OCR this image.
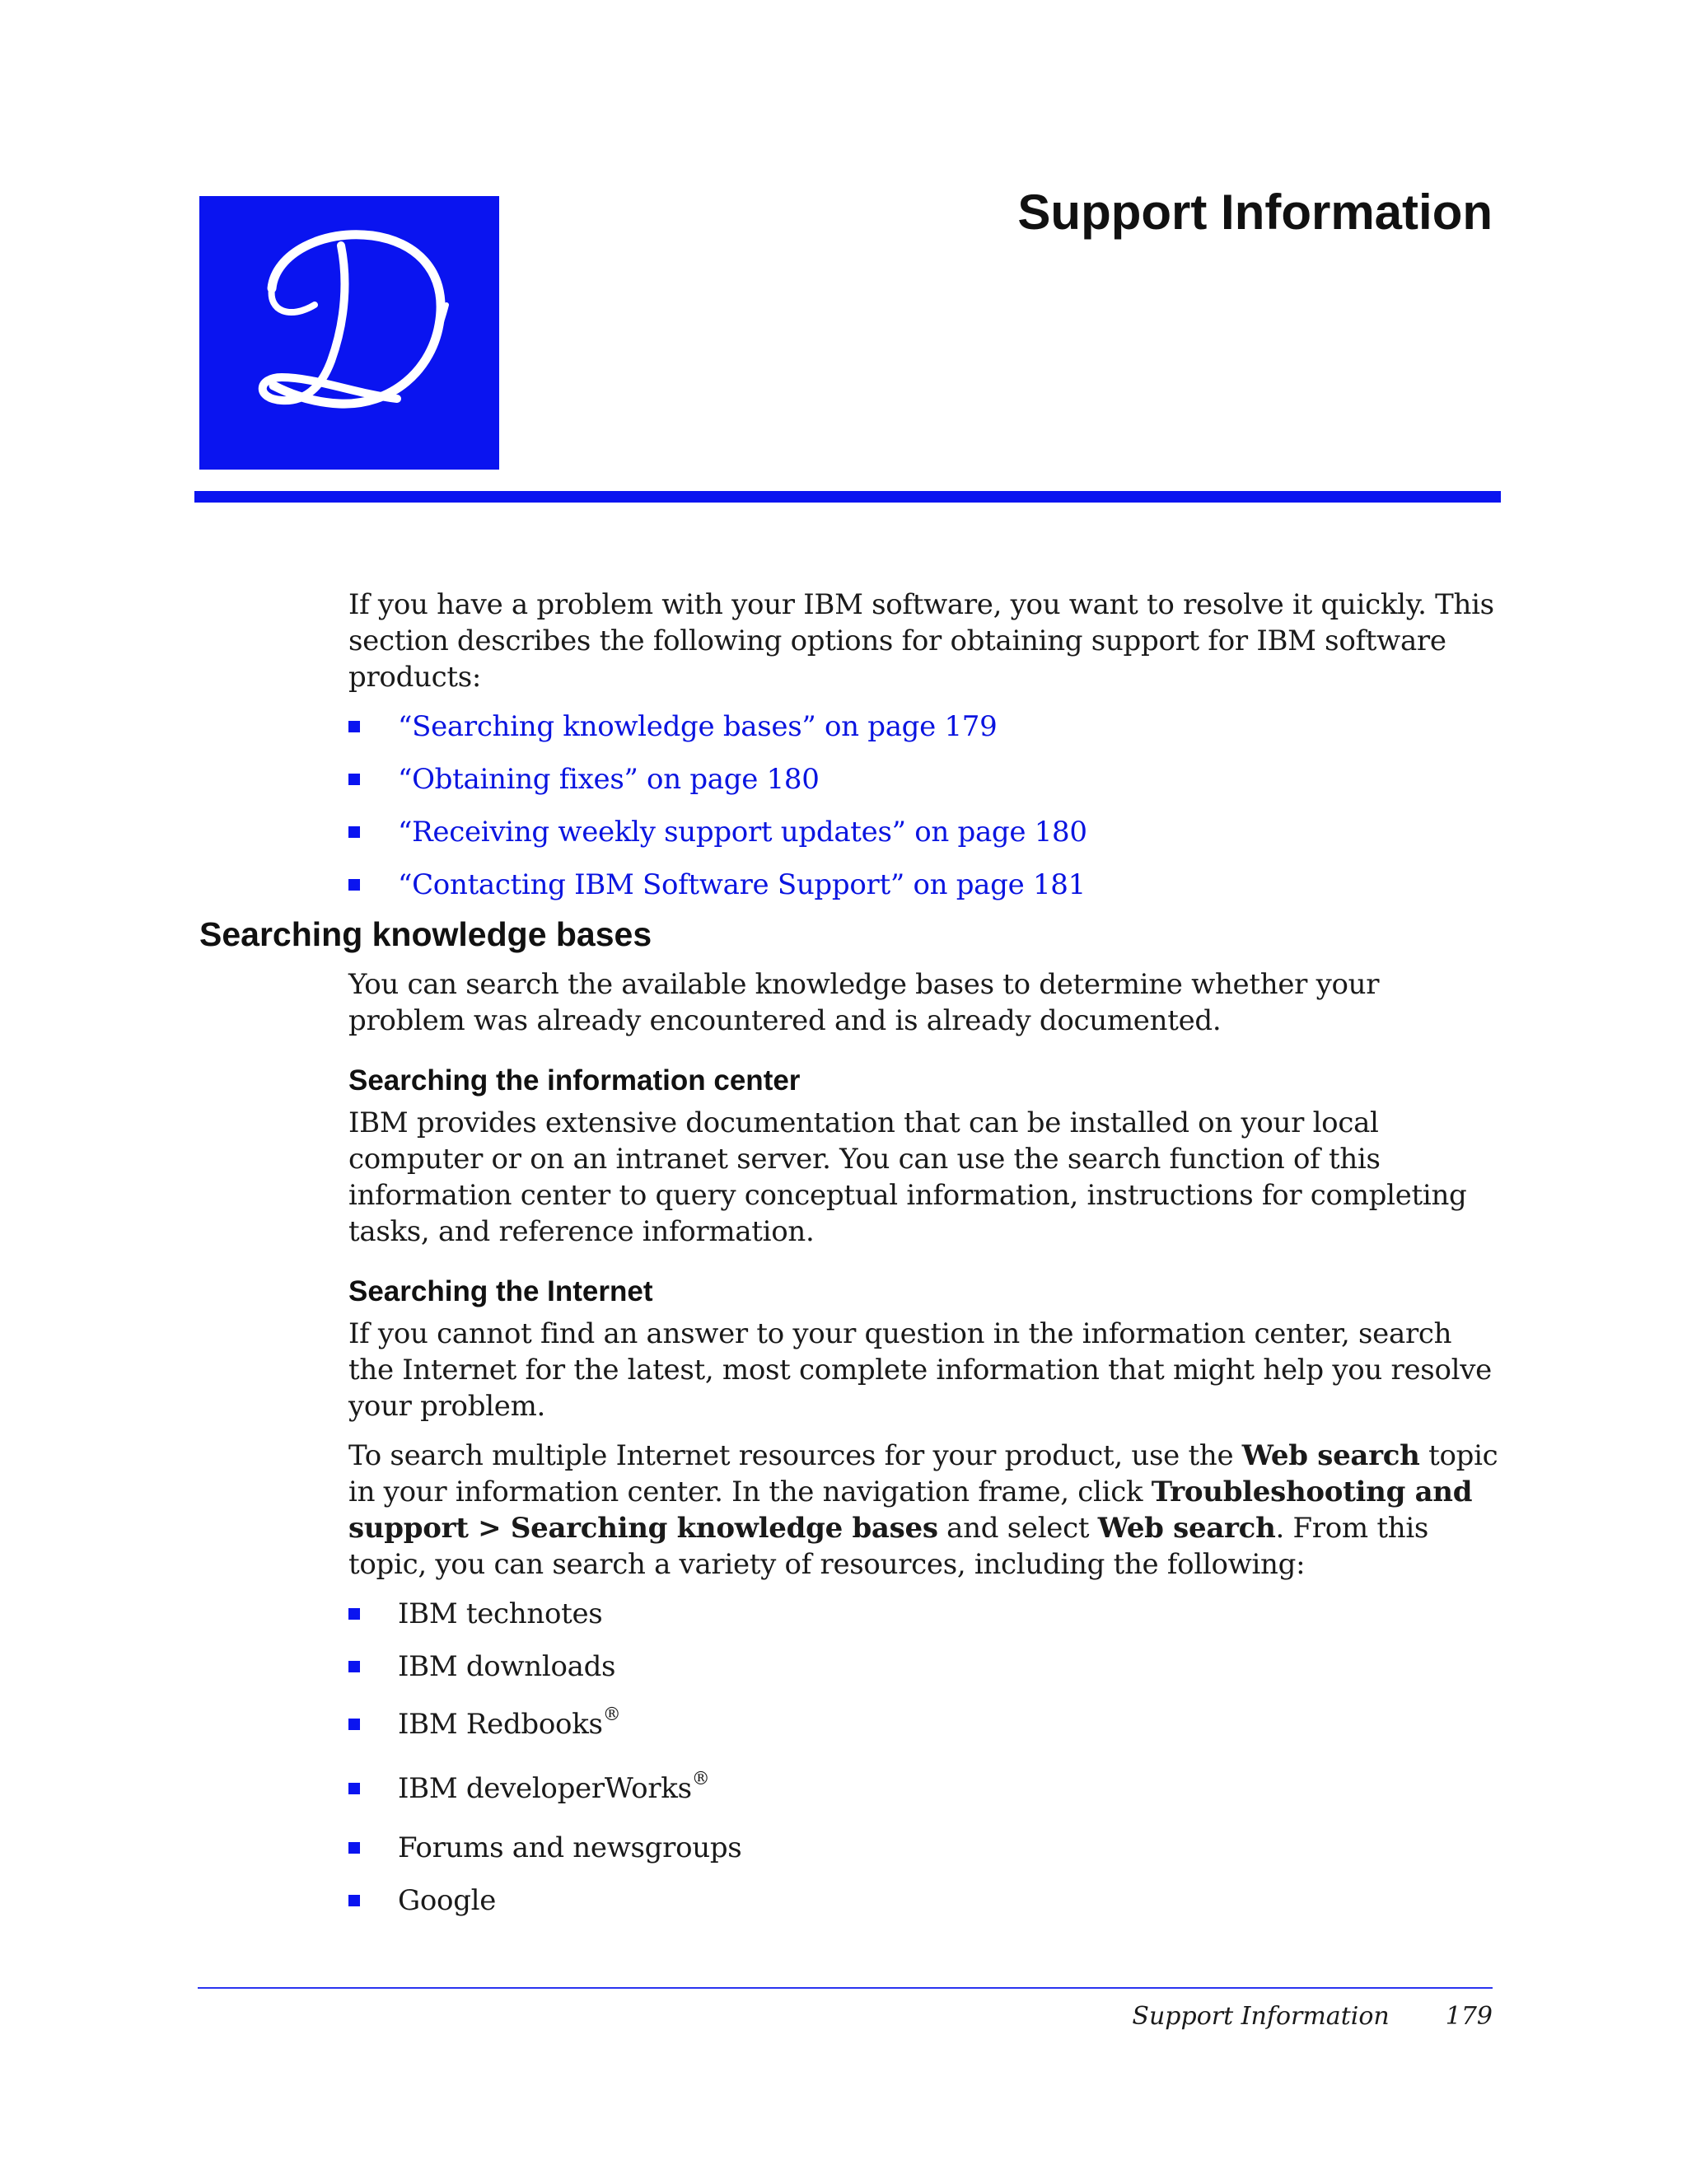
Support Information

If you have a problem with your IBM software, you want to resolve it quickly. This section describes the following options for obtaining support for IBM software products:

“Searching knowledge bases” on page 179
“Obtaining fixes” on page 180
“Receiving weekly support updates” on page 180
“Contacting IBM Software Support” on page 181
Searching knowledge bases

You can search the available knowledge bases to determine whether your problem was already encountered and is already documented.

Searching the information center

IBM provides extensive documentation that can be installed on your local computer or on an intranet server. You can use the search function of this information center to query conceptual information, instructions for completing tasks, and reference information.

Searching the Internet

If you cannot find an answer to your question in the information center, search the Internet for the latest, most complete information that might help you resolve your problem.

To search multiple Internet resources for your product, use the Web search topic in your information center. In the navigation frame, click Troubleshooting and support > Searching knowledge bases and select Web search. From this topic, you can search a variety of resources, including the following:

IBM technotes
IBM downloads
IBM Redbooks®
IBM developerWorks®
Forums and newsgroups
Google
Support Information 179
